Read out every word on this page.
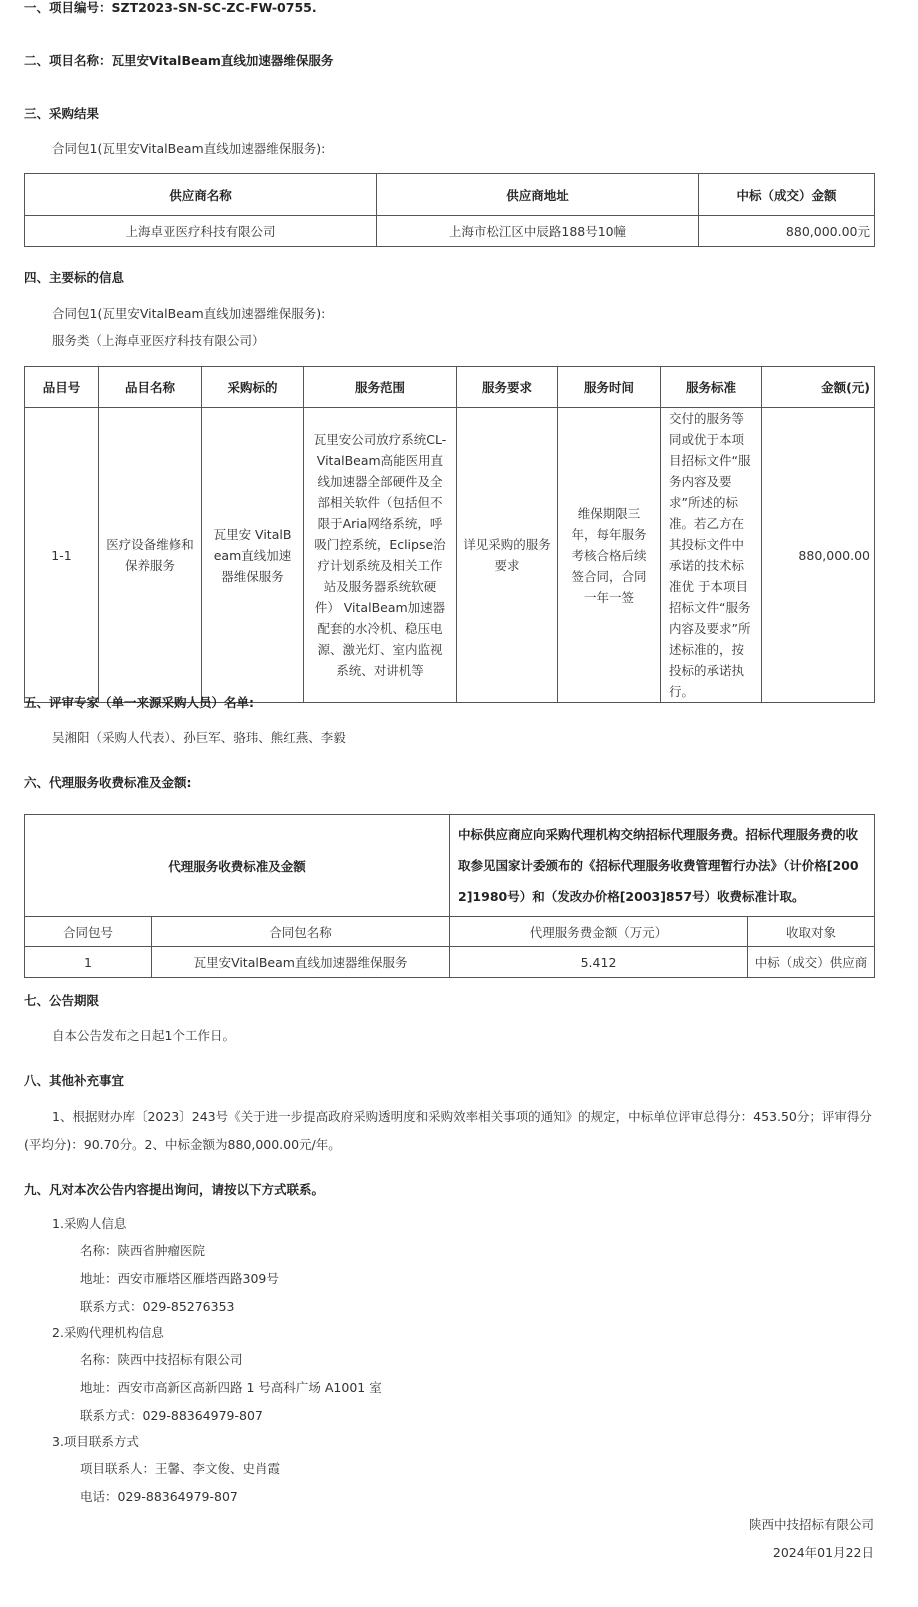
一、项目编号：SZT2023-SN-SC-ZC-FW-0755.
二、项目名称：瓦里安VitalBeam直线加速器维保服务
三、采购结果
合同包1(瓦里安VitalBeam直线加速器维保服务):
供应商名称	供应商地址	中标（成交）金额
上海卓亚医疗科技有限公司	上海市松江区中辰路188号10幢	880,000.00元
四、主要标的信息
合同包1(瓦里安VitalBeam直线加速器维保服务):
服务类（上海卓亚医疗科技有限公司）
品目号	品目名称	采购标的	服务范围	服务要求	服务时间	服务标准	金额(元)
1-1	医疗设备维修和保养服务	瓦里安 VitalBeam直线加速器维保服务	瓦里安公司放疗系统CL-VitalBeam高能医用直线加速器全部硬件及全部相关软件（包括但不限于Aria网络系统，呼吸门控系统，Eclipse治疗计划系统及相关工作站及服务器系统软硬件） VitalBeam加速器配套的水冷机、稳压电源、激光灯、室内监视系统、对讲机等	详见采购的服务要求	维保期限三年，每年服务考核合格后续签合同，合同一年一签	交付的服务等同或优于本项目招标文件“服务内容及要求”所述的标准。若乙方在其投标文件中承诺的技术标准优 于本项目招标文件“服务内容及要求”所述标准的，按投标的承诺执行。	880,000.00
五、评审专家（单一来源采购人员）名单:
吴湘阳（采购人代表）、孙巨军、骆玮、熊红燕、李毅
六、代理服务收费标准及金额:
代理服务收费标准及金额		中标供应商应向采购代理机构交纳招标代理服务费。招标代理服务费的收取参见国家计委颁布的《招标代理服务收费管理暂行办法》（计价格[2002]1980号）和（发改办价格[2003]857号）收费标准计取。	
合同包号	合同包名称	代理服务费金额（万元）	收取对象
1	瓦里安VitalBeam直线加速器维保服务	5.412	中标（成交）供应商
七、公告期限
自本公告发布之日起1个工作日。
八、其他补充事宜
1、根据财办库〔2023〕243号《关于进一步提高政府采购透明度和采购效率相关事项的通知》的规定，中标单位评审总得分：453.50分；评审得分
(平均分)：90.70分。2、中标金额为880,000.00元/年。
九、凡对本次公告内容提出询问，请按以下方式联系。
1.采购人信息
名称：陕西省肿瘤医院
地址：西安市雁塔区雁塔西路309号
联系方式：029-85276353
2.采购代理机构信息
名称：陕西中技招标有限公司
地址：西安市高新区高新四路 1 号高科广场 A1001 室
联系方式：029-88364979-807
3.项目联系方式
项目联系人：王馨、李文俊、史肖霞
电话：029-88364979-807
陕西中技招标有限公司
2024年01月22日
